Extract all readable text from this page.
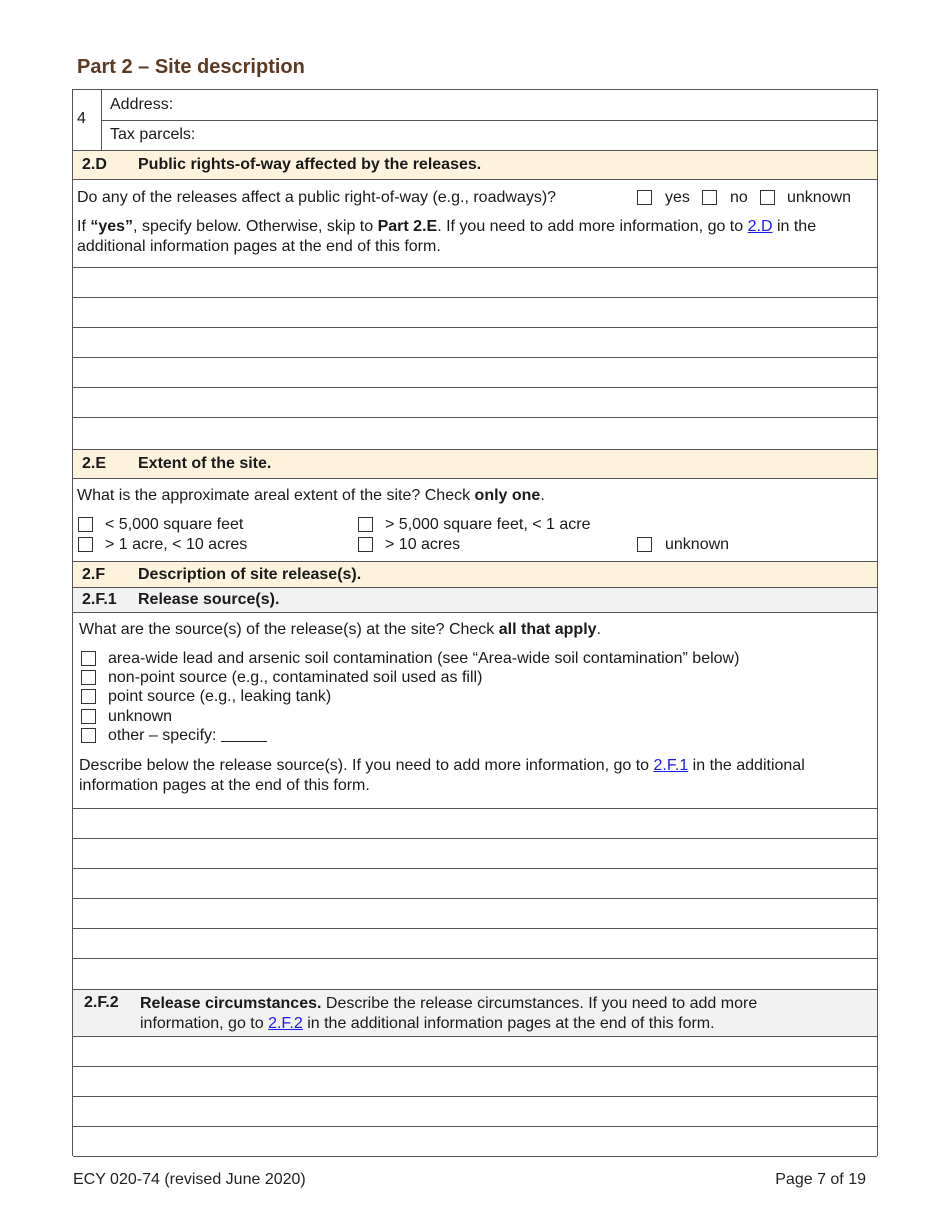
Part 2 – Site description
4
Address:
Tax parcels:
2.D Public rights-of-way affected by the releases.
Do any of the releases affect a public right-of-way (e.g., roadways)?	yes	no unknown
If “yes”, specify below. Otherwise, skip to Part 2.E. If you need to add more information, go to 2.D in the additional information pages at the end of this form.
2.E Extent of the site.
What is the approximate areal extent of the site? Check only one.
< 5,000 square feet	> 5,000 square feet, < 1 acre
> 1 acre, < 10 acres	> 10 acres	unknown
2.F Description of site release(s).
2.F.1 Release source(s).
What are the source(s) of the release(s) at the site? Check all that apply.
area-wide lead and arsenic soil contamination (see “Area-wide soil contamination” below)
non-point source (e.g., contaminated soil used as fill)
point source (e.g., leaking tank)
unknown
other – specify:
Describe below the release source(s). If you need to add more information, go to 2.F.1 in the additional information pages at the end of this form.
2.F.2 Release circumstances. Describe the release circumstances. If you need to add more information, go to 2.F.2 in the additional information pages at the end of this form.
ECY 020-74 (revised June 2020)	Page 7 of 19
